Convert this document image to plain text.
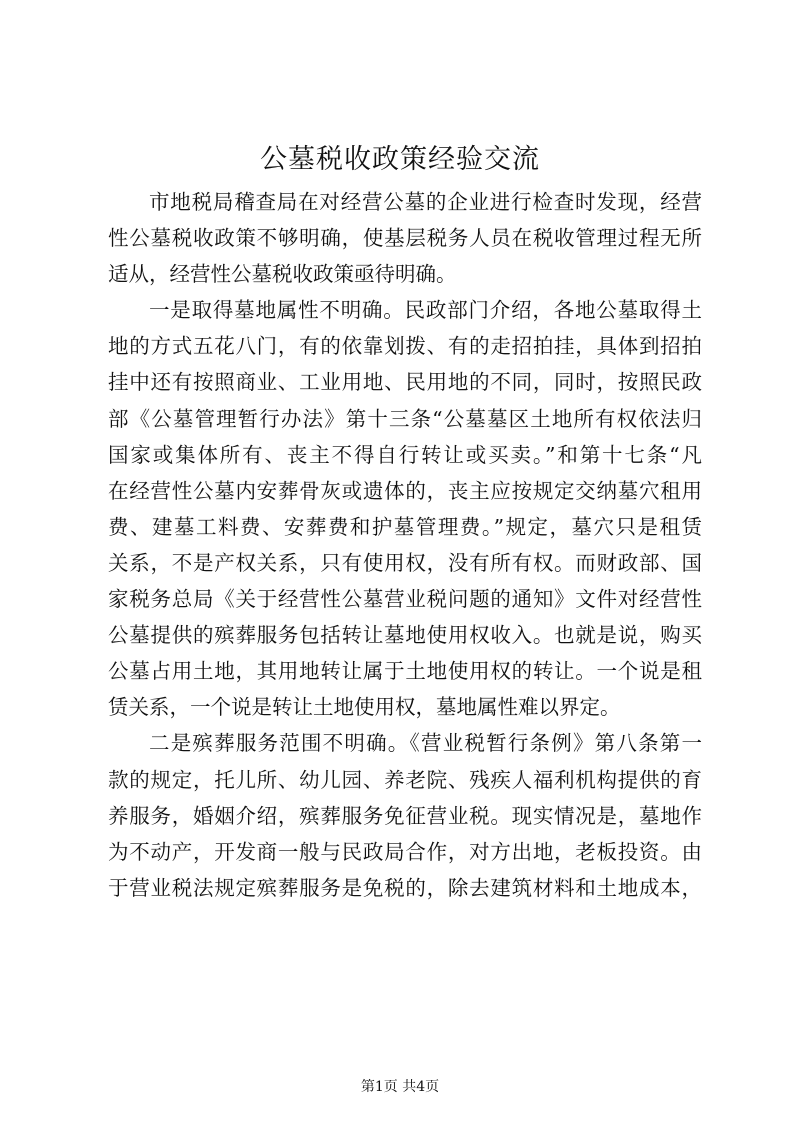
公墓税收政策经验交流
市地税局稽查局在对经营公墓的企业进行检查时发现，经营
性公墓税收政策不够明确，使基层税务人员在税收管理过程无所
适从，经营性公墓税收政策亟待明确。
一是取得墓地属性不明确。民政部门介绍，各地公墓取得土
地的方式五花八门，有的依靠划拨、有的走招拍挂，具体到招拍
挂中还有按照商业、工业用地、民用地的不同，同时，按照民政
部《公墓管理暂行办法》第十三条“公墓墓区土地所有权依法归
国家或集体所有、丧主不得自行转让或买卖。”和第十七条“凡
在经营性公墓内安葬骨灰或遗体的，丧主应按规定交纳墓穴租用
费、建墓工料费、安葬费和护墓管理费。”规定，墓穴只是租赁
关系，不是产权关系，只有使用权，没有所有权。而财政部、国
家税务总局《关于经营性公墓营业税问题的通知》文件对经营性
公墓提供的殡葬服务包括转让墓地使用权收入。也就是说，购买
公墓占用土地，其用地转让属于土地使用权的转让。一个说是租
赁关系，一个说是转让土地使用权，墓地属性难以界定。
二是殡葬服务范围不明确。《营业税暂行条例》第八条第一
款的规定，托儿所、幼儿园、养老院、残疾人福利机构提供的育
养服务，婚姻介绍，殡葬服务免征营业税。现实情况是，墓地作
为不动产，开发商一般与民政局合作，对方出地，老板投资。由
于营业税法规定殡葬服务是免税的，除去建筑材料和土地成本，
第1页 共4页
